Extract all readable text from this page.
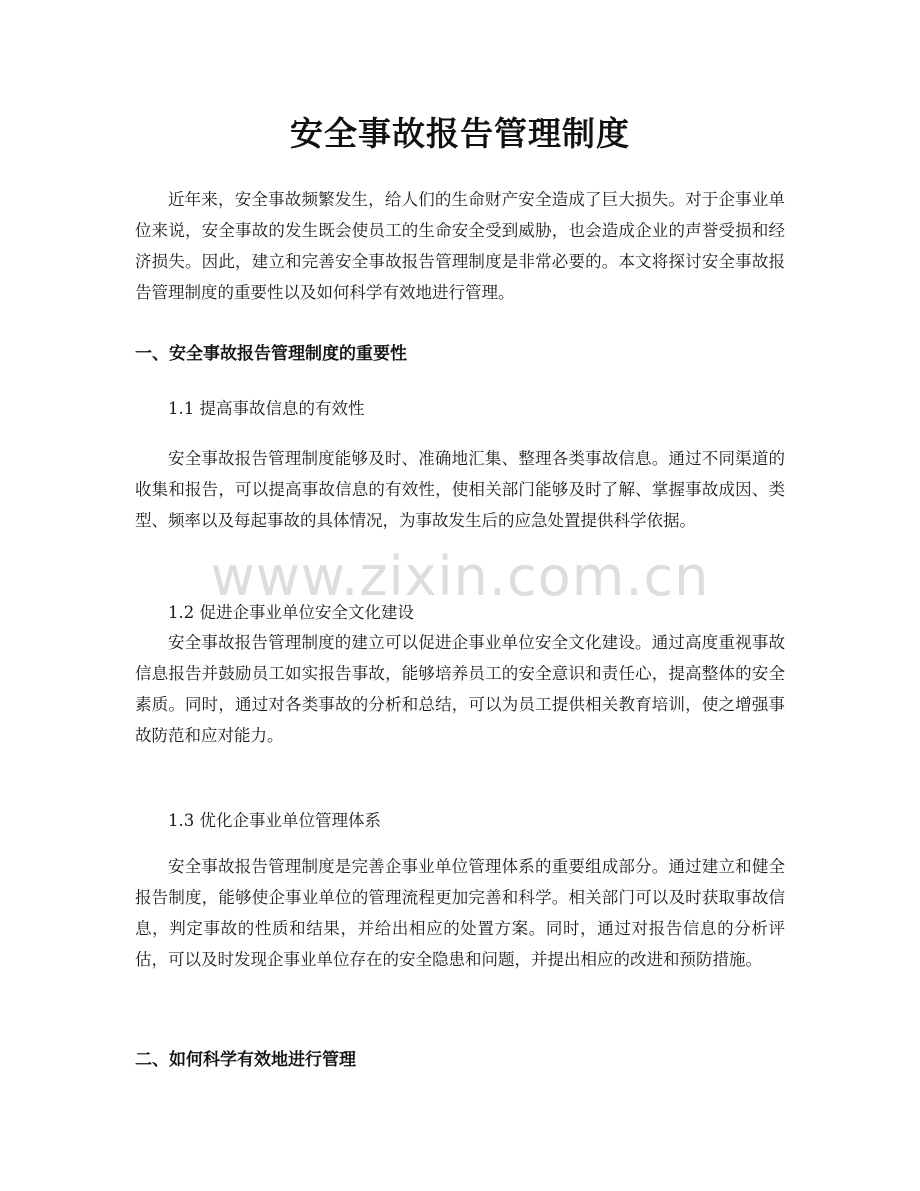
安全事故报告管理制度

近年来，安全事故频繁发生，给人们的生命财产安全造成了巨大损失。对于企事业单位来说，安全事故的发生既会使员工的生命安全受到威胁，也会造成企业的声誉受损和经济损失。因此，建立和完善安全事故报告管理制度是非常必要的。本文将探讨安全事故报告管理制度的重要性以及如何科学有效地进行管理。

一、安全事故报告管理制度的重要性

1.1 提高事故信息的有效性

安全事故报告管理制度能够及时、准确地汇集、整理各类事故信息。通过不同渠道的收集和报告，可以提高事故信息的有效性，使相关部门能够及时了解、掌握事故成因、类型、频率以及每起事故的具体情况，为事故发生后的应急处置提供科学依据。

1.2 促进企事业单位安全文化建设

安全事故报告管理制度的建立可以促进企事业单位安全文化建设。通过高度重视事故信息报告并鼓励员工如实报告事故，能够培养员工的安全意识和责任心，提高整体的安全素质。同时，通过对各类事故的分析和总结，可以为员工提供相关教育培训，使之增强事故防范和应对能力。

1.3 优化企事业单位管理体系

安全事故报告管理制度是完善企事业单位管理体系的重要组成部分。通过建立和健全报告制度，能够使企事业单位的管理流程更加完善和科学。相关部门可以及时获取事故信息，判定事故的性质和结果，并给出相应的处置方案。同时，通过对报告信息的分析评估，可以及时发现企事业单位存在的安全隐患和问题，并提出相应的改进和预防措施。

二、如何科学有效地进行管理

www.zixin.com.cn
